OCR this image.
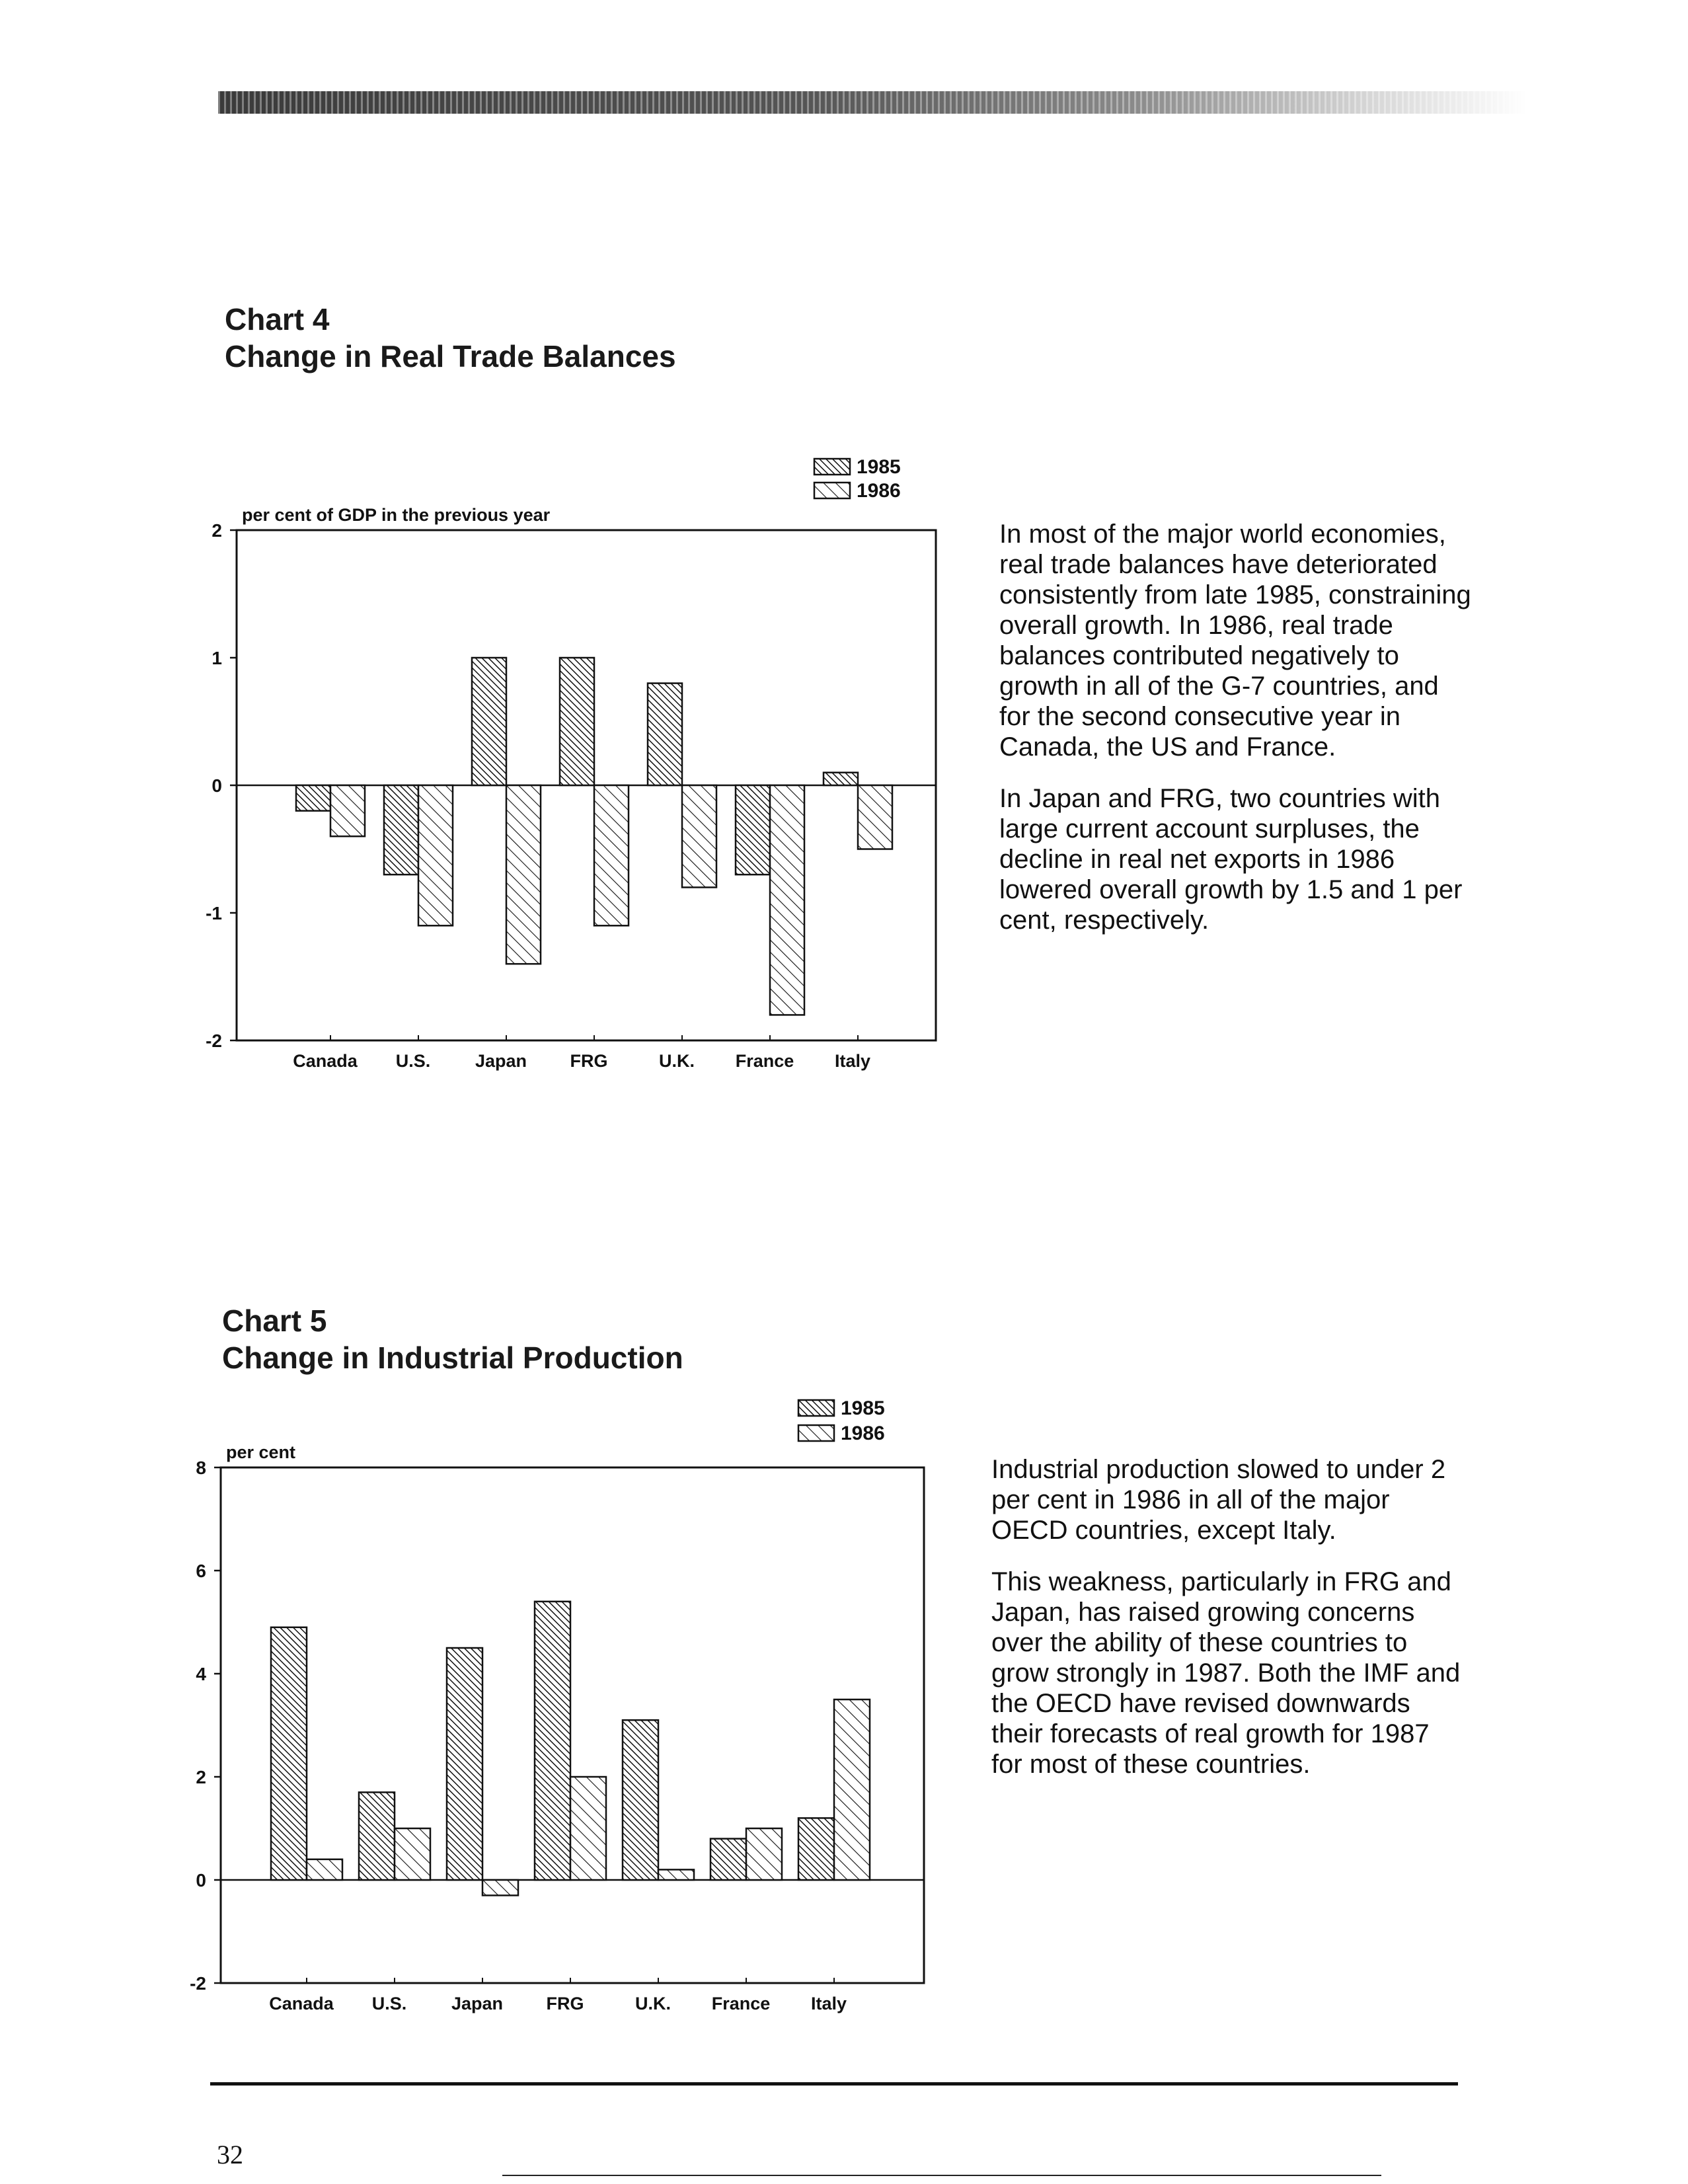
Chart 4
Change in Real Trade Balances
2
1
0
-1
-2
per cent of GDP in the previous year
Canada U.S.	Japan FRG	U.K. France Italy
1985
1986

In most of the major world economies, real trade balances have deteriorated consistently from late 1985, constraining overall growth. In 1986, real trade balances contributed negatively to growth in all of the G-7 countries, and for the second consecutive year in Canada, the US and France.

In Japan and FRG, two countries with large current account surpluses, the decline in real net exports in 1986 lowered overall growth by 1.5 and 1 per cent, respectively.

Chart 5
Change in Industrial Production
8
6
4
2
0
-2
per cent
Canada U.S.	Japan FRG	U.K. France Italy
1985
1986

Industrial production slowed to under 2 per cent in 1986 in all of the major OECD countries, except Italy.

This weakness, particularly in FRG and Japan, has raised growing concerns over the ability of these countries to grow strongly in 1987. Both the IMF and the OECD have revised downwards their forecasts of real growth for 1987 for most of these countries.

32
